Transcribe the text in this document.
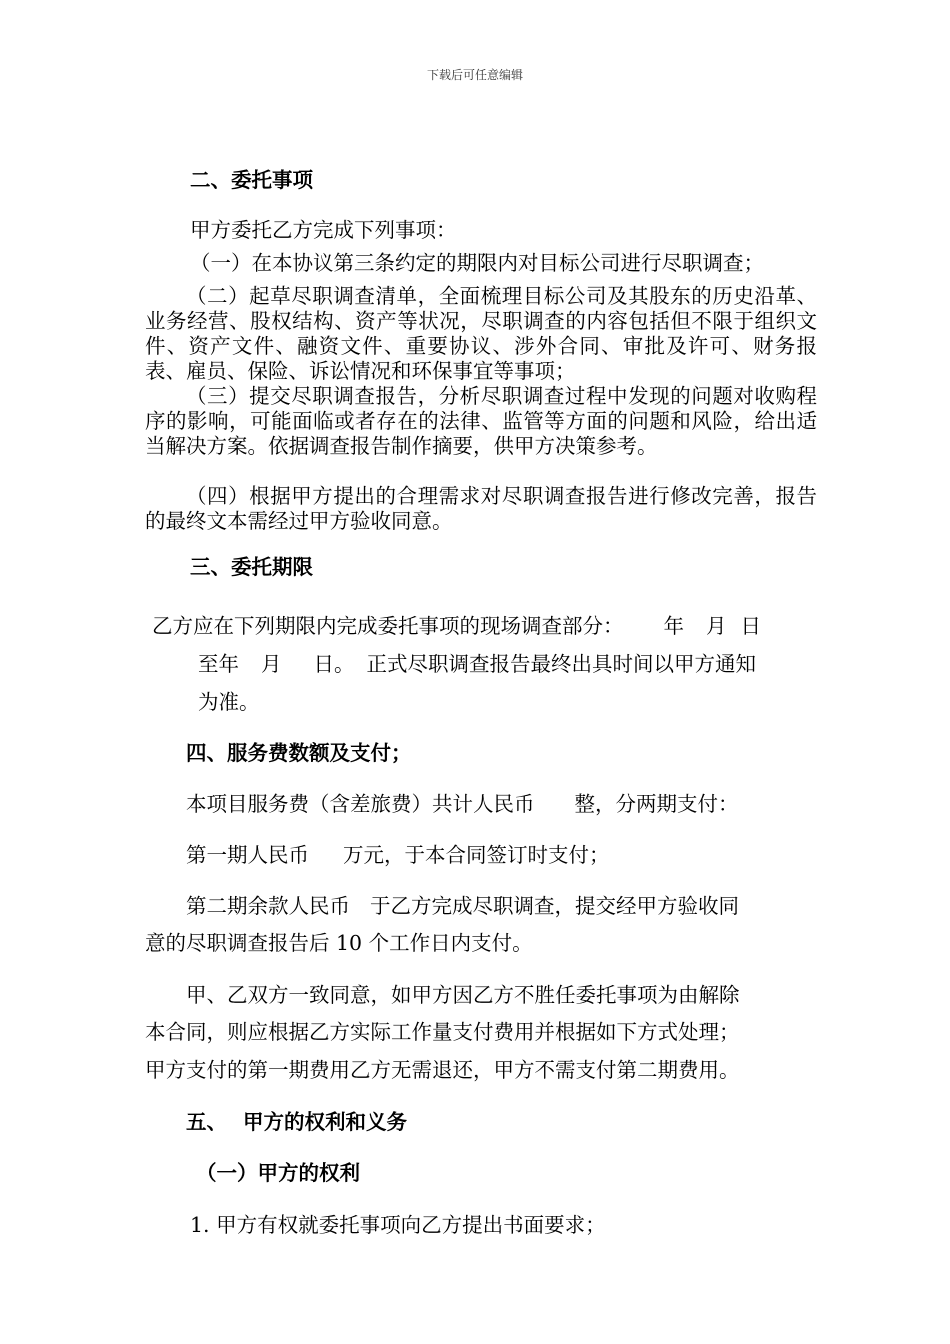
下载后可任意编辑
二、委托事项
甲方委托乙方完成下列事项：
（一）在本协议第三条约定的期限内对目标公司进行尽职调查；
（二）起草尽职调查清单，全面梳理目标公司及其股东的历史沿革、业务经营、股权结构、资产等状况，尽职调查的内容包括但不限于组织文件、资产文件、融资文件、重要协议、涉外合同、审批及许可、财务报表、雇员、保险、诉讼情况和环保事宜等事项；
（三）提交尽职调查报告，分析尽职调查过程中发现的问题对收购程序的影响，可能面临或者存在的法律、监管等方面的问题和风险，给出适当解决方案。依据调查报告制作摘要，供甲方决策参考。
（四）根据甲方提出的合理需求对尽职调查报告进行修改完善，报告的最终文本需经过甲方验收同意。
三、委托期限
乙方应在下列期限内完成委托事项的现场调查部分： 年 月 日
至年 月 日。 正式尽职调查报告最终出具时间以甲方通知
为准。
四、服务费数额及支付；
本项目服务费（含差旅费）共计人民币 整，分两期支付：
第一期人民币 万元，于本合同签订时支付；
第二期余款人民币 于乙方完成尽职调查，提交经甲方验收同
意的尽职调查报告后 10 个工作日内支付。
甲、乙双方一致同意，如甲方因乙方不胜任委托事项为由解除
本合同，则应根据乙方实际工作量支付费用并根据如下方式处理；
甲方支付的第一期费用乙方无需退还，甲方不需支付第二期费用。
五、 甲方的权利和义务
（一）甲方的权利
1. 甲方有权就委托事项向乙方提出书面要求；
